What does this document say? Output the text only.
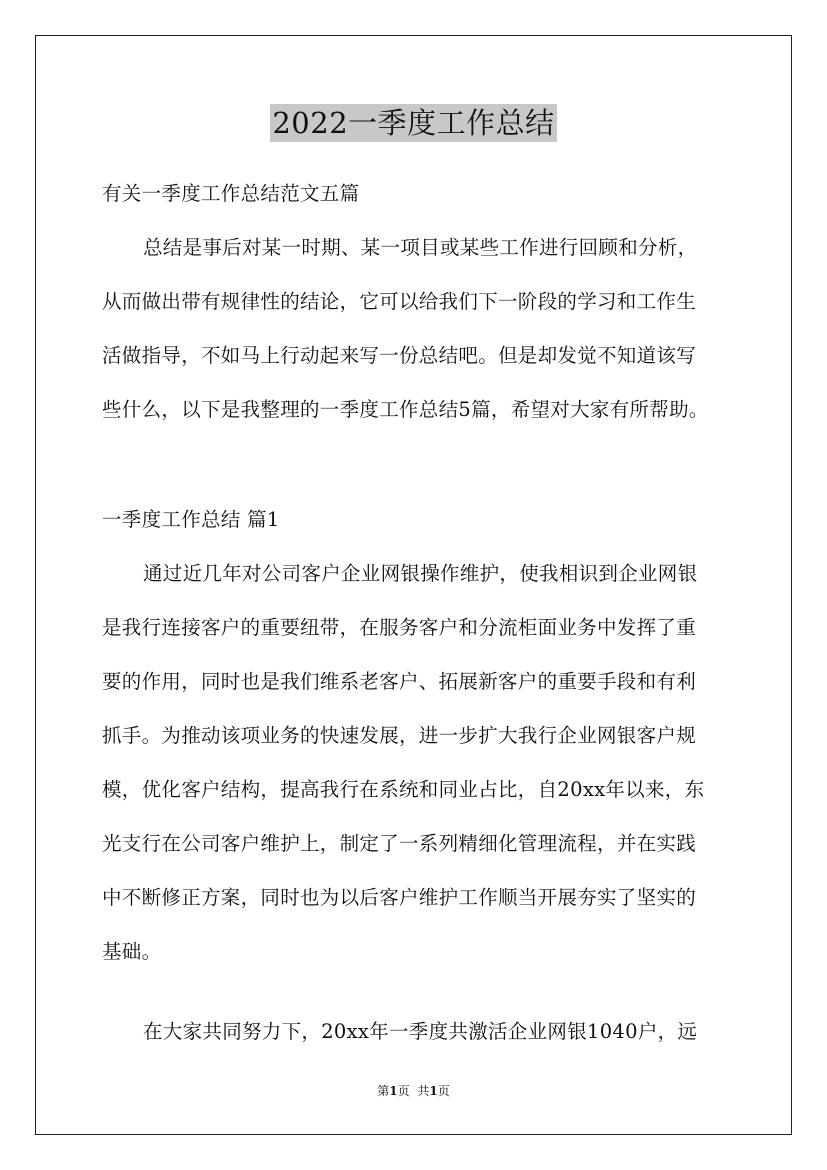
2022一季度工作总结
有关一季度工作总结范文五篇
总结是事后对某一时期、某一项目或某些工作进行回顾和分析，
从而做出带有规律性的结论，它可以给我们下一阶段的学习和工作生
活做指导，不如马上行动起来写一份总结吧。但是却发觉不知道该写
些什么，以下是我整理的一季度工作总结5篇，希望对大家有所帮助。
一季度工作总结 篇1
通过近几年对公司客户企业网银操作维护，使我相识到企业网银
是我行连接客户的重要纽带，在服务客户和分流柜面业务中发挥了重
要的作用，同时也是我们维系老客户、拓展新客户的重要手段和有利
抓手。为推动该项业务的快速发展，进一步扩大我行企业网银客户规
模，优化客户结构，提高我行在系统和同业占比，自20xx年以来，东
光支行在公司客户维护上，制定了一系列精细化管理流程，并在实践
中不断修正方案，同时也为以后客户维护工作顺当开展夯实了坚实的
基础。
在大家共同努力下，20xx年一季度共激活企业网银1040户，远
第1页 共1页
